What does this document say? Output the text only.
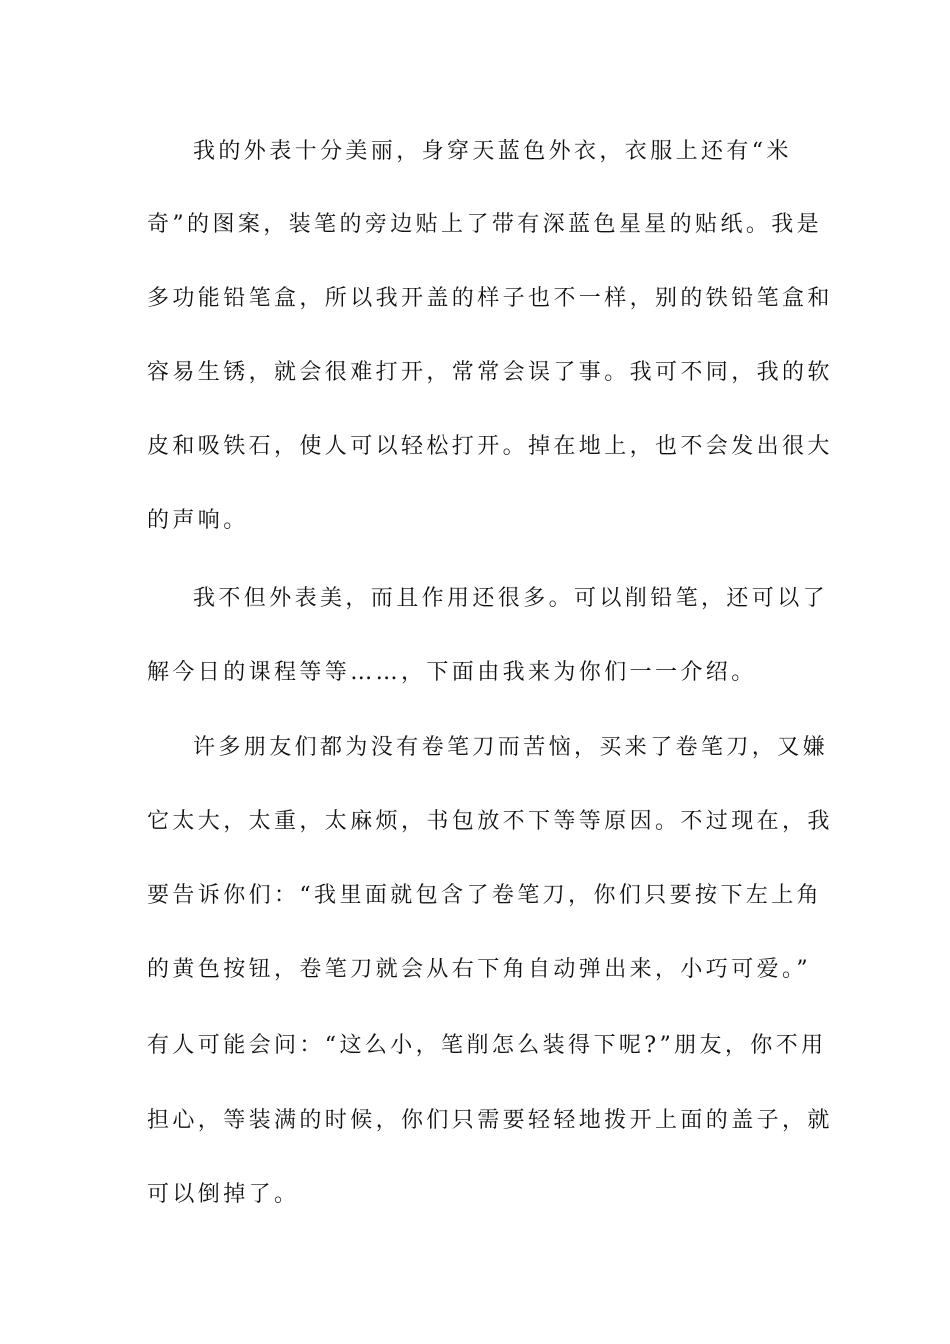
我的外表十分美丽，身穿天蓝色外衣，衣服上还有“米
奇”的图案，装笔的旁边贴上了带有深蓝色星星的贴纸。我是
多功能铅笔盒，所以我开盖的样子也不一样，别的铁铅笔盒和
容易生锈，就会很难打开，常常会误了事。我可不同，我的软
皮和吸铁石，使人可以轻松打开。掉在地上，也不会发出很大
的声响。
我不但外表美，而且作用还很多。可以削铅笔，还可以了
解今日的课程等等……，下面由我来为你们一一介绍。
许多朋友们都为没有卷笔刀而苦恼，买来了卷笔刀，又嫌
它太大，太重，太麻烦，书包放不下等等原因。不过现在，我
要告诉你们：“我里面就包含了卷笔刀，你们只要按下左上角
的黄色按钮，卷笔刀就会从右下角自动弹出来，小巧可爱。”
有人可能会问：“这么小，笔削怎么装得下呢?”朋友，你不用
担心，等装满的时候，你们只需要轻轻地拨开上面的盖子，就
可以倒掉了。
